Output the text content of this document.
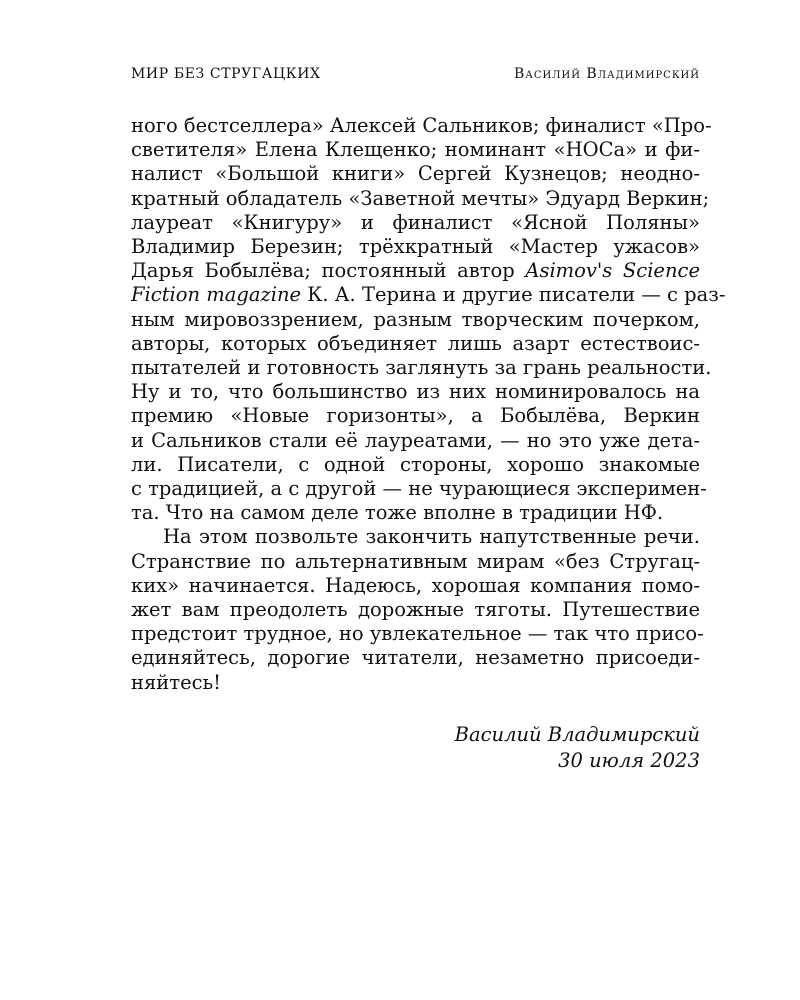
МИР БЕЗ СТРУГАЦКИХ	Василий Владимирский
ного бестселлера» Алексей Сальников; финалист «Про-
светителя» Елена Клещенко; номинант «НОСа» и фи-
налист «Большой книги» Сергей Кузнецов; неодно-
кратный обладатель «Заветной мечты» Эдуард Веркин;
лауреат «Книгуру» и финалист «Ясной Поляны»
Владимир Березин; трёхкратный «Мастер ужасов»
Дарья Бобылёва; постоянный автор Asimov's Science
Fiction magazine К. А. Терина и другие писатели — с раз-
ным мировоззрением, разным творческим почерком,
авторы, которых объединяет лишь азарт естествоис-
пытателей и готовность заглянуть за грань реальности.
Ну и то, что большинство из них номинировалось на
премию «Новые горизонты», а Бобылёва, Веркин
и Сальников стали её лауреатами, — но это уже дета-
ли. Писатели, с одной стороны, хорошо знакомые
с традицией, а с другой — не чурающиеся эксперимен-
та. Что на самом деле тоже вполне в традиции НФ.
На этом позвольте закончить напутственные речи.
Странствие по альтернативным мирам «без Стругац-
ких» начинается. Надеюсь, хорошая компания помо-
жет вам преодолеть дорожные тяготы. Путешествие
предстоит трудное, но увлекательное — так что присо-
единяйтесь, дорогие читатели, незаметно присоеди-
няйтесь!
Василий Владимирский
30 июля 2023
